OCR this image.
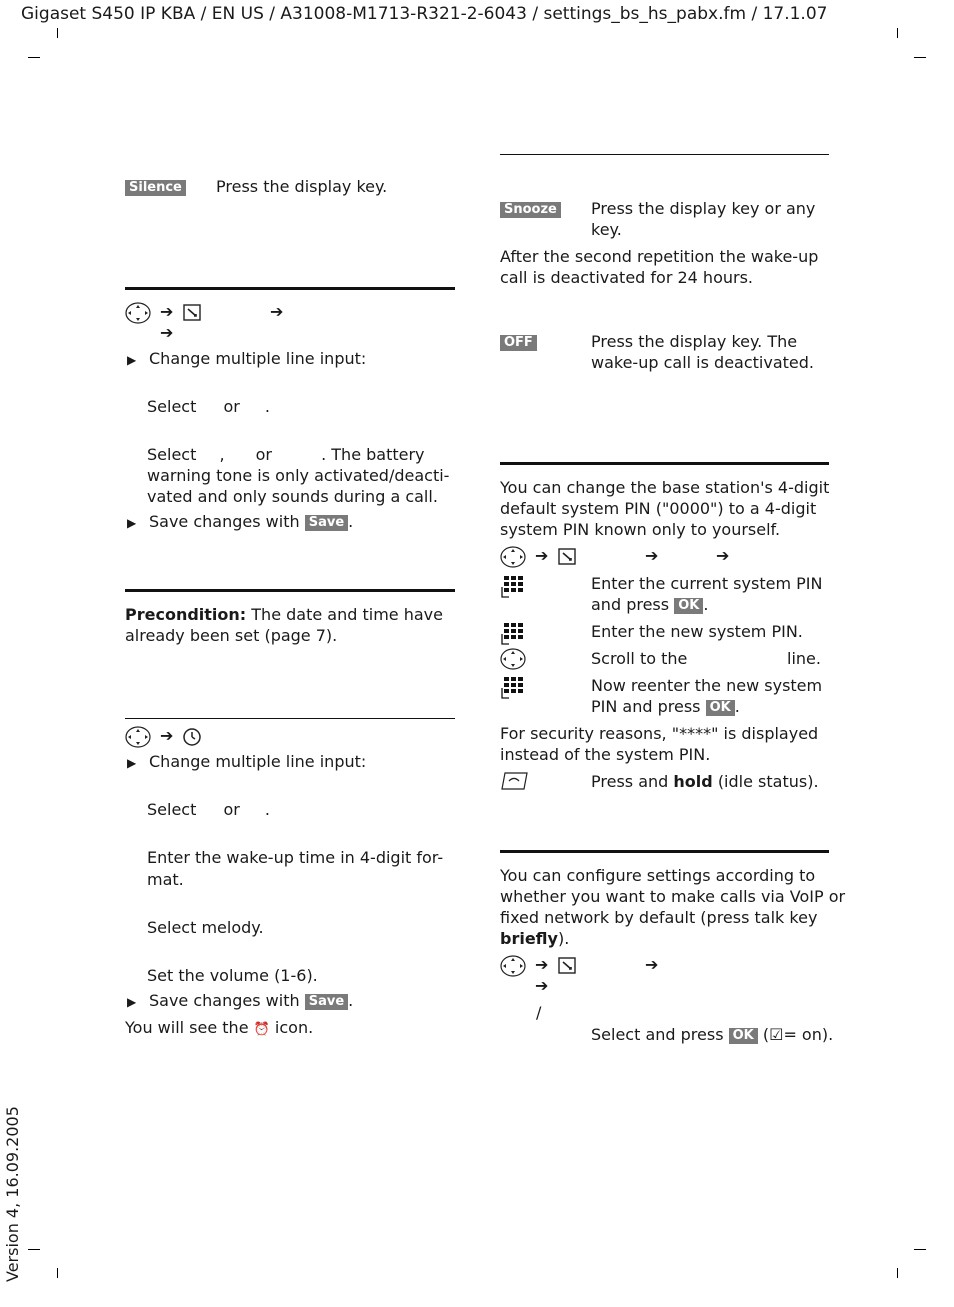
Gigaset S450 IP KBA / EN US / A31008-M1713-R321-2-6043 / settings_bs_hs_pabx.fm / 17.1.07
Version 4, 16.09.2005
Silence Press the display key.
➔	➔
➔
▶ Change multiple line input:
Select or .
Select , or	. The battery
warning tone is only activated/deacti-
vated and only sounds during a call.
▶ Save changes with Save .
Precondition: The date and time have
already been set (page 7).
➔
▶ Change multiple line input:
Select or .
Enter the wake-up time in 4-digit for-
mat.
Select melody.
Set the volume (1-6).
▶ Save changes with Save .
You will see the ⏰ icon.
Snooze Press the display key or any
key.
After the second repetition the wake-up
call is deactivated for 24 hours.
OFF	Press the display key. The
wake-up call is deactivated.
You can change the base station's 4-digit
default system PIN ("0000") to a 4-digit
system PIN known only to yourself.
➔	➔	➔
Enter the current system PIN
and press OK .
Enter the new system PIN.
Scroll to the	line.
Now reenter the new system
PIN and press OK .
For security reasons, "****" is displayed
instead of the system PIN.
Press and hold (idle status).
You can configure settings according to
whether you want to make calls via VoIP or
fixed network by default (press talk key
briefly).
➔	➔
➔
/
Select and press OK (☑= on).
